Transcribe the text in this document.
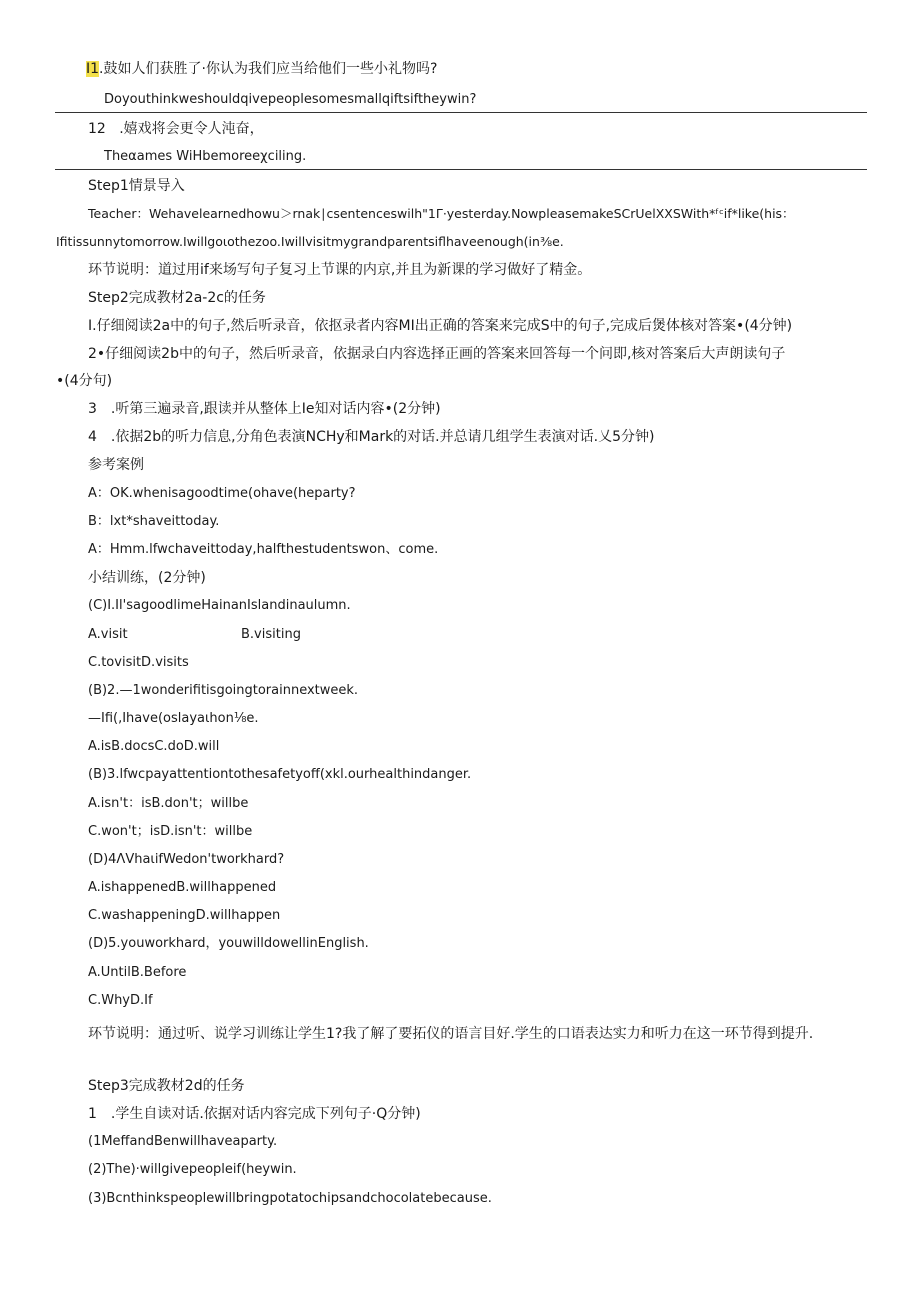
I1.鼓如人们获胜了·你认为我们应当给他们一些小礼物吗?
Doyouthinkweshouldqivepeoplesomesmallqiftsiftheywin?
12 .嬉戏将会更令人沌奋，
Theαames WiHbemoreeχciling.
Step1情景导入
Teacher：Wehavelearnedhowu＞rnak∣csentenceswilh"1Γ·yesterday.NowpleasemakeSCrUelXXSWith*ᶠᶜif*like(his：
Ifitissunnytomorrow.Iwillgoιothezoo.Iwillvisitmygrandparentsiflhaveenough(in⅜e.
环节说明：道过用if来场写句子复习上节课的内京,并且为新课的学习做好了精金。
Step2完成教材2a-2c的任务
I.仔细阅读2a中的句子,然后听录音，依抠录者内容MI出正确的答案来完成S中的句子,完成后煲体核对答案•(4分钟)
2•仔细阅读2b中的句子，然后听录音，依据录白内容选择正画的答案来回答每一个问即,核对答案后大声朗读句子
•(4分句)
3　.听第三遍录音,跟读并从整体上Ie知对话内容•(2分钟)
4　.依据2b的听力信息,分角色表演NCHy和Mark的对话.并总请几组学生表演对话.乂5分钟)
参考案例
A：OK.whenisagoodtime(ohave(heparty?
B：lxt*shaveittoday.
A：Hmm.lfwchaveittoday,halfthestudentswon、come.
小结训练，(2分钟)
(C)I.Il'sagoodlimeHainanIslandinaulumn.
A.visit	B.visiting
C.tovisitD.visits
(B)2.—1wonderifitisgoingtorainnextweek.
—Ifi(,Ihave(oslayaιhon⅛e.
A.isB.docsC.doD.will
(B)3.lfwcpayattentiontothesafetyoff(xkl.ourhealthindanger.
A.isn't：isB.don't；willbe
C.won't；isD.isn't：willbe
(D)4ΛVhaιifWedon'tworkhard?
A.ishappenedB.willhappened
C.washappeningD.willhappen
(D)5.youworkhard，youwilldowellinEnglish.
A.UntilB.Before
C.WhyD.If
环节说明：通过听、说学习训练让学生1?我了解了要拓仪的语言目好.学生的口语表达实力和听力在这一环节得到提升.
Step3完成教材2d的任务
1　.学生自读对话.依据对话内容完成下列句子·Q分钟)
(1MeffandBenwillhaveaparty.
(2)The)·willgivepeopleif(heywin.
(3)Bcnthinkspeoplewillbringpotatochipsandchocolatebecause.
